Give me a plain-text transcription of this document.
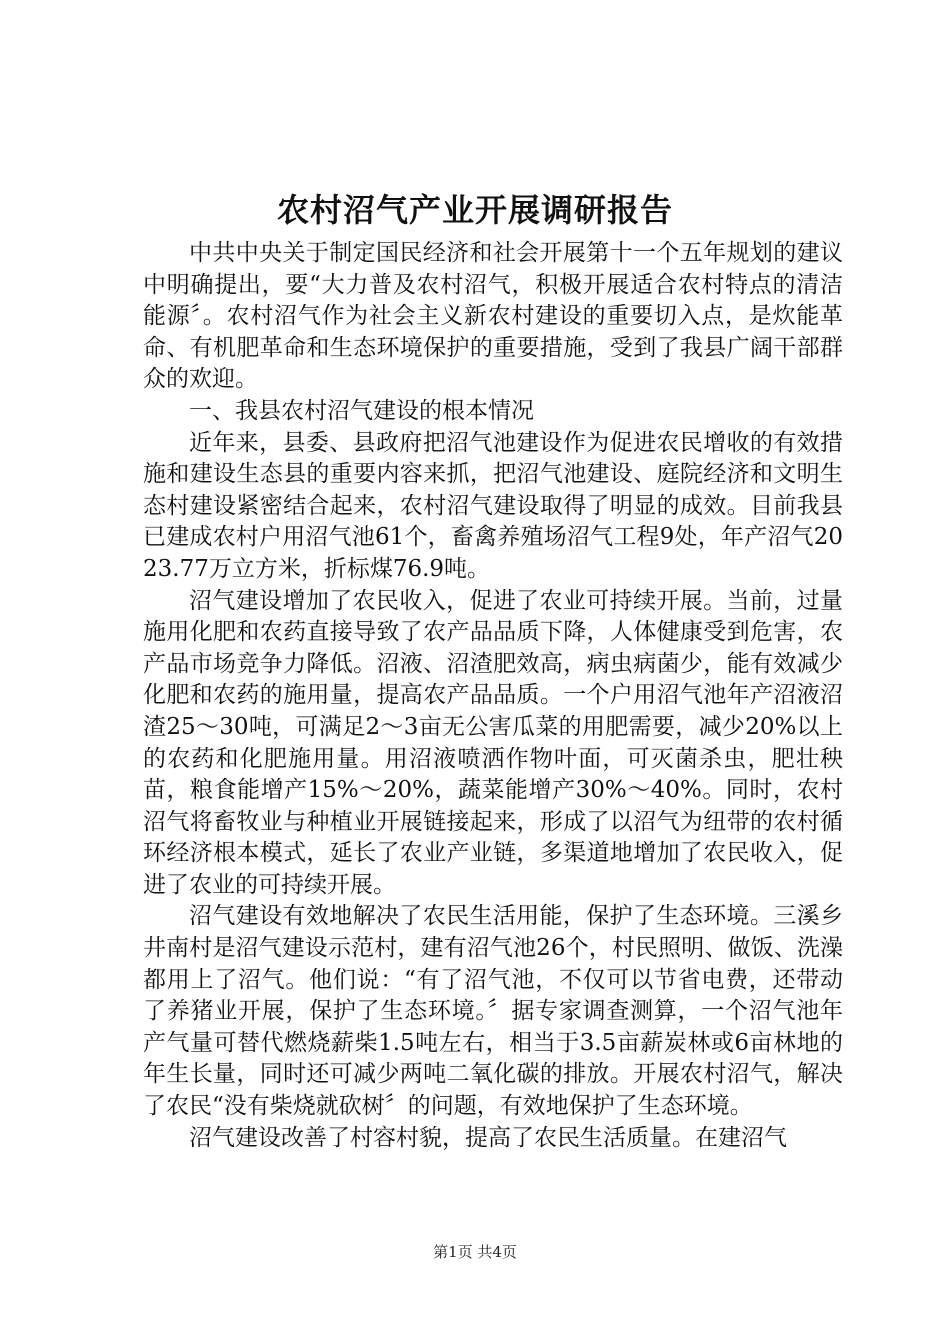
农村沼气产业开展调研报告

中共中央关于制定国民经济和社会开展第十一个五年规划的建议中明确提出，要“大力普及农村沼气，积极开展适合农村特点的清洁能源〞。农村沼气作为社会主义新农村建设的重要切入点，是炊能革命、有机肥革命和生态环境保护的重要措施，受到了我县广阔干部群众的欢迎。

一、我县农村沼气建设的根本情况

近年来，县委、县政府把沼气池建设作为促进农民增收的有效措施和建设生态县的重要内容来抓，把沼气池建设、庭院经济和文明生态村建设紧密结合起来，农村沼气建设取得了明显的成效。目前我县已建成农村户用沼气池61个，畜禽养殖场沼气工程9处，年产沼气2023.77万立方米，折标煤76.9吨。

沼气建设增加了农民收入，促进了农业可持续开展。当前，过量施用化肥和农药直接导致了农产品品质下降，人体健康受到危害，农产品市场竞争力降低。沼液、沼渣肥效高，病虫病菌少，能有效减少化肥和农药的施用量，提高农产品品质。一个户用沼气池年产沼液沼渣25～30吨，可满足2～3亩无公害瓜菜的用肥需要，减少20%以上的农药和化肥施用量。用沼液喷洒作物叶面，可灭菌杀虫，肥壮秧苗，粮食能增产15%～20%，蔬菜能增产30%～40%。同时，农村沼气将畜牧业与种植业开展链接起来，形成了以沼气为纽带的农村循环经济根本模式，延长了农业产业链，多渠道地增加了农民收入，促进了农业的可持续开展。

沼气建设有效地解决了农民生活用能，保护了生态环境。三溪乡井南村是沼气建设示范村，建有沼气池26个，村民照明、做饭、洗澡都用上了沼气。他们说：“有了沼气池，不仅可以节省电费，还带动了养猪业开展，保护了生态环境。〞据专家调查测算，一个沼气池年产气量可替代燃烧薪柴1.5吨左右，相当于3.5亩薪炭林或6亩林地的年生长量，同时还可减少两吨二氧化碳的排放。开展农村沼气，解决了农民“没有柴烧就砍树〞的问题，有效地保护了生态环境。

沼气建设改善了村容村貌，提高了农民生活质量。在建沼气

第1页 共4页
